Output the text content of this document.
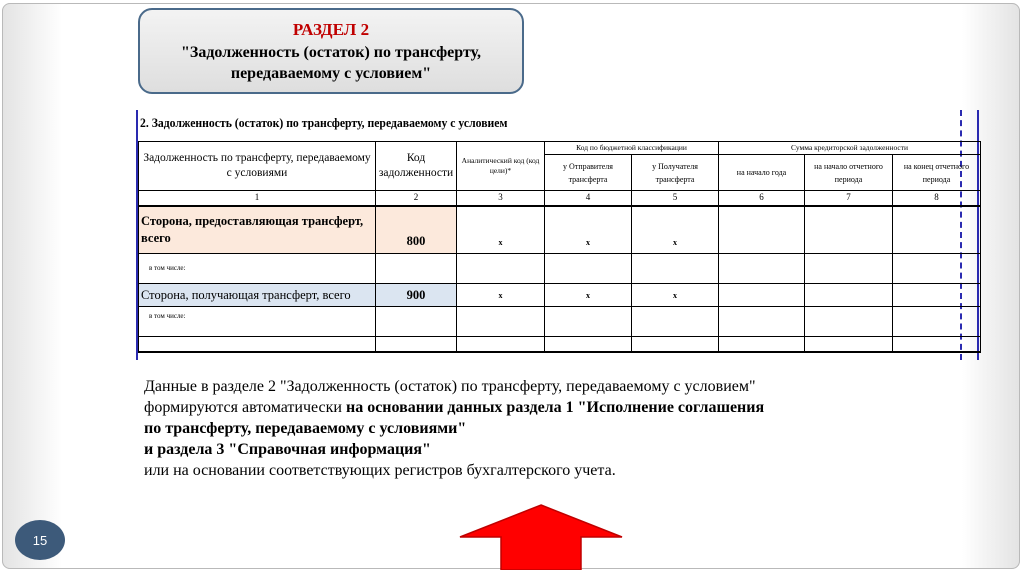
РАЗДЕЛ 2
"Задолженность (остаток) по трансферту, передаваемому с условием"
2. Задолженность (остаток) по трансферту, передаваемому с условием
Задолженность по трансферту, передаваемому с условиями	Код задолженности	Аналитический код (код цели)*	Код по бюджетной классификации		Сумма кредиторской задолженности		
			у Отправителя трансферта	у Получателя трансферта	на начало года	на начало отчетного периода	на конец отчетного периода
1	2	3	4	5	6	7	8
Сторона, предоставляющая трансферт, всего	800	x	x	x			
в том числе:							
Сторона, получающая трансферт, всего	900	x	x	x			
в том числе:							

Данные в разделе 2 "Задолженность (остаток) по трансферту, передаваемому с условием"
формируются автоматически на основании данных раздела 1 "Исполнение соглашения
по трансферту, передаваемому с условиями"
и раздела 3 "Справочная информация"
или на основании соответствующих регистров бухгалтерского учета.
15
